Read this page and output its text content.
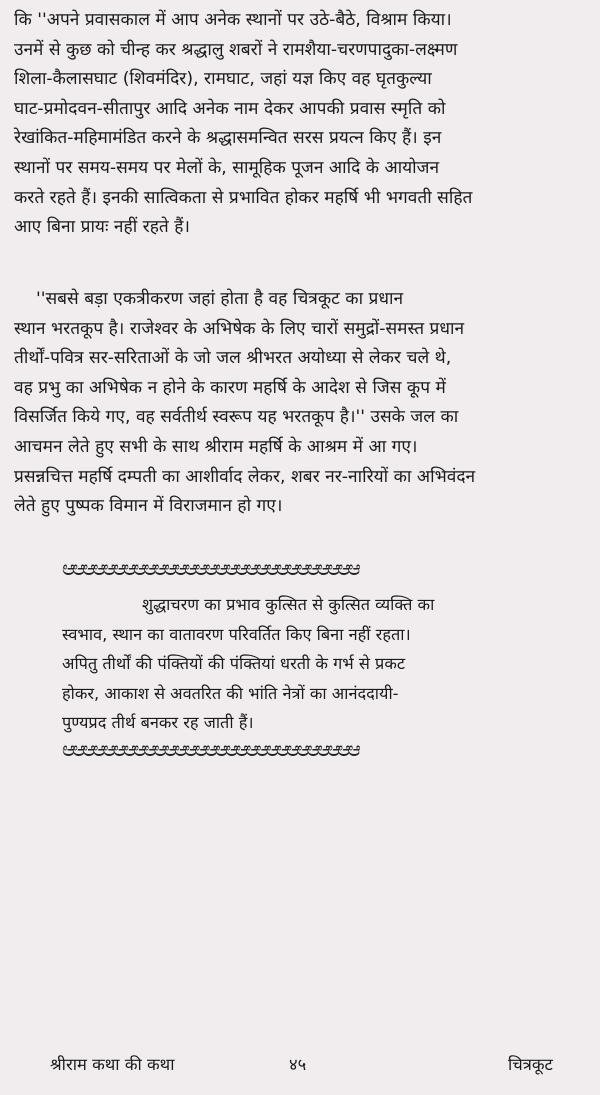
कि ''अपने प्रवासकाल में आप अनेक स्थानों पर उठे-बैठे, विश्राम किया।
उनमें से कुछ को चीन्ह कर श्रद्धालु शबरों ने रामशैया-चरणपादुका-लक्ष्मण
शिला-कैलासघाट (शिवमंदिर), रामघाट, जहां यज्ञ किए वह घृतकुल्या
घाट-प्रमोदवन-सीतापुर आदि अनेक नाम देकर आपकी प्रवास स्मृति को
रेखांकित-महिमामंडित करने के श्रद्धासमन्वित सरस प्रयत्न किए हैं। इन
स्थानों पर समय-समय पर मेलों के, सामूहिक पूजन आदि के आयोजन
करते रहते हैं। इनकी सात्विकता से प्रभावित होकर महर्षि भी भगवती सहित
आए बिना प्रायः नहीं रहते हैं।
''सबसे बड़ा एकत्रीकरण जहां होता है वह चित्रकूट का प्रधान
स्थान भरतकूप है। राजेश्वर के अभिषेक के लिए चारों समुद्रों-समस्त प्रधान
तीर्थों-पवित्र सर-सरिताओं के जो जल श्रीभरत अयोध्या से लेकर चले थे,
वह प्रभु का अभिषेक न होने के कारण महर्षि के आदेश से जिस कूप में
विसर्जित किये गए, वह सर्वतीर्थ स्वरूप यह भरतकूप है।'' उसके जल का
आचमन लेते हुए सभी के साथ श्रीराम महर्षि के आश्रम में आ गए।
प्रसन्नचित्त महर्षि दम्पती का आशीर्वाद लेकर, शबर नर-नारियों का अभिवंदन
लेते हुए पुष्पक विमान में विराजमान हो गए।
ಆಆಆಆಆಆಆಆಆಆಆಆಆಆಆಆಆಆಆಆಆಆಆಆಆಆಆಆಆ
शुद्धाचरण का प्रभाव कुत्सित से कुत्सित व्यक्ति का
स्वभाव, स्थान का वातावरण परिवर्तित किए बिना नहीं रहता।
अपितु तीर्थों की पंक्तियों की पंक्तियां धरती के गर्भ से प्रकट
होकर, आकाश से अवतरित की भांति नेत्रों का आनंददायी-
पुण्यप्रद तीर्थ बनकर रह जाती हैं।
ಆಆಆಆಆಆಆಆಆಆಆಆಆಆಆಆಆಆಆಆಆಆಆಆಆಆಆಆಆ
श्रीराम कथा की कथा	४५	चित्रकूट
